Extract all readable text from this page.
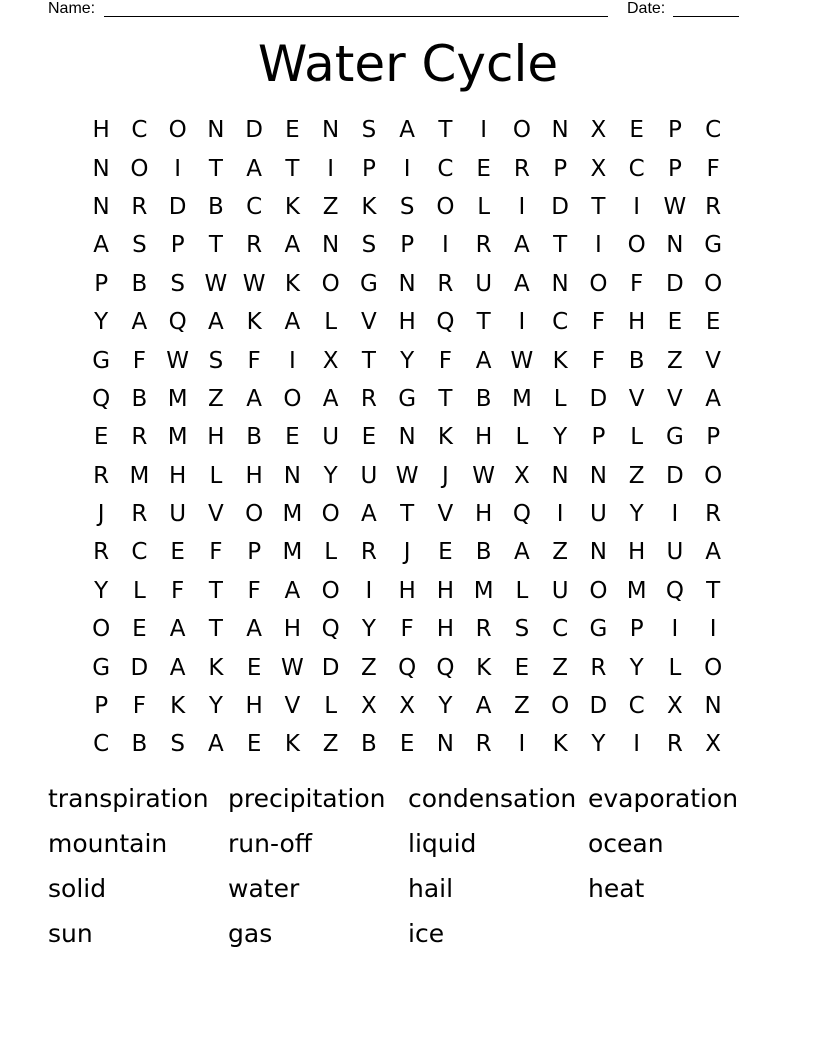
Name:	Date:
Water Cycle
H C O N D E N S	A	T	I	O N X	E	P	C
N O	I	T	A	T	I	P	I	C E R	P	X C	P	F
N R D B C K Z K	S O L	I	D T	I	W R
A	S	P	T	R A N S	P	I	R A	T	I	O N G
P	B	S W W K O G N R U A N O F D O
Y	A Q A K A	L	V H Q T	I	C	F H E	E
G F W S	F	I	X	T	Y	F	A W K	F	B Z V
Q B M Z A O A R G T	B M L D V V A
E R M H B	E U E N K H	L	Y	P	L G P
R M H	L	H N Y U W	J	W X N N Z D O
J	R U V O M O A	T	V H Q	I	U Y	I	R
R C E	F	P M L	R	J	E	B A Z N H U A
Y	L	F	T	F	A O	I	H H M L	U O M Q T
O E	A	T	A H Q Y	F H R S C G P	I	I
G D A K	E W D Z Q Q K	E	Z R	Y	L O
P	F	K	Y H V	L	X X	Y	A Z O D C X N
C B	S	A	E	K Z B	E N R	I	K	Y	I	R X
transpiration precipitation condensation evaporation
mountain	run-off	liquid	ocean
solid	water	hail	heat
sun	gas	ice
